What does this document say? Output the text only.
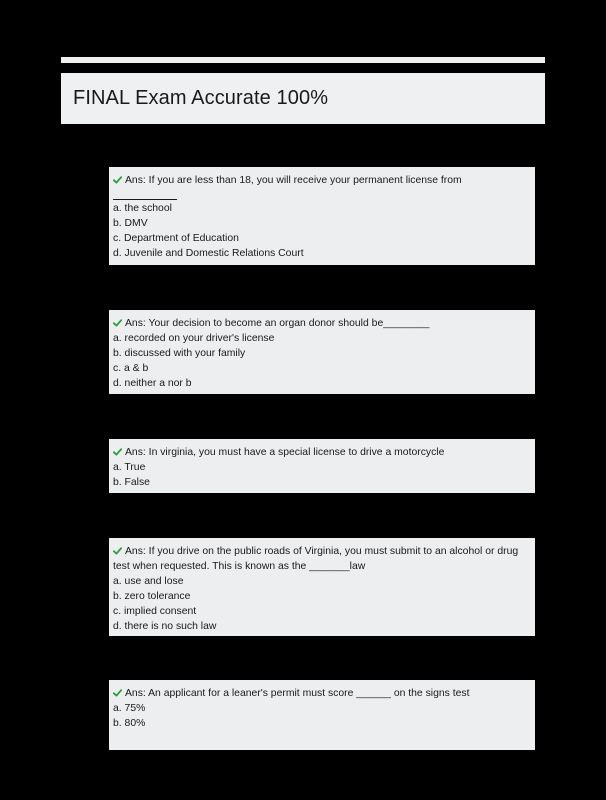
FINAL Exam Accurate 100%
Ans: If you are less than 18, you will receive your permanent license from
a. the school
b. DMV
c. Department of Education
d. Juvenile and Domestic Relations Court
Ans: Your decision to become an organ donor should be________
a. recorded on your driver's license
b. discussed with your family
c. a & b
d. neither a nor b
Ans: In virginia, you must have a special license to drive a motorcycle
a. True
b. False
Ans: If you drive on the public roads of Virginia, you must submit to an alcohol or drug test when requested. This is known as the _______law
a. use and lose
b. zero tolerance
c. implied consent
d. there is no such law
Ans: An applicant for a leaner's permit must score ______ on the signs test
a. 75%
b. 80%
